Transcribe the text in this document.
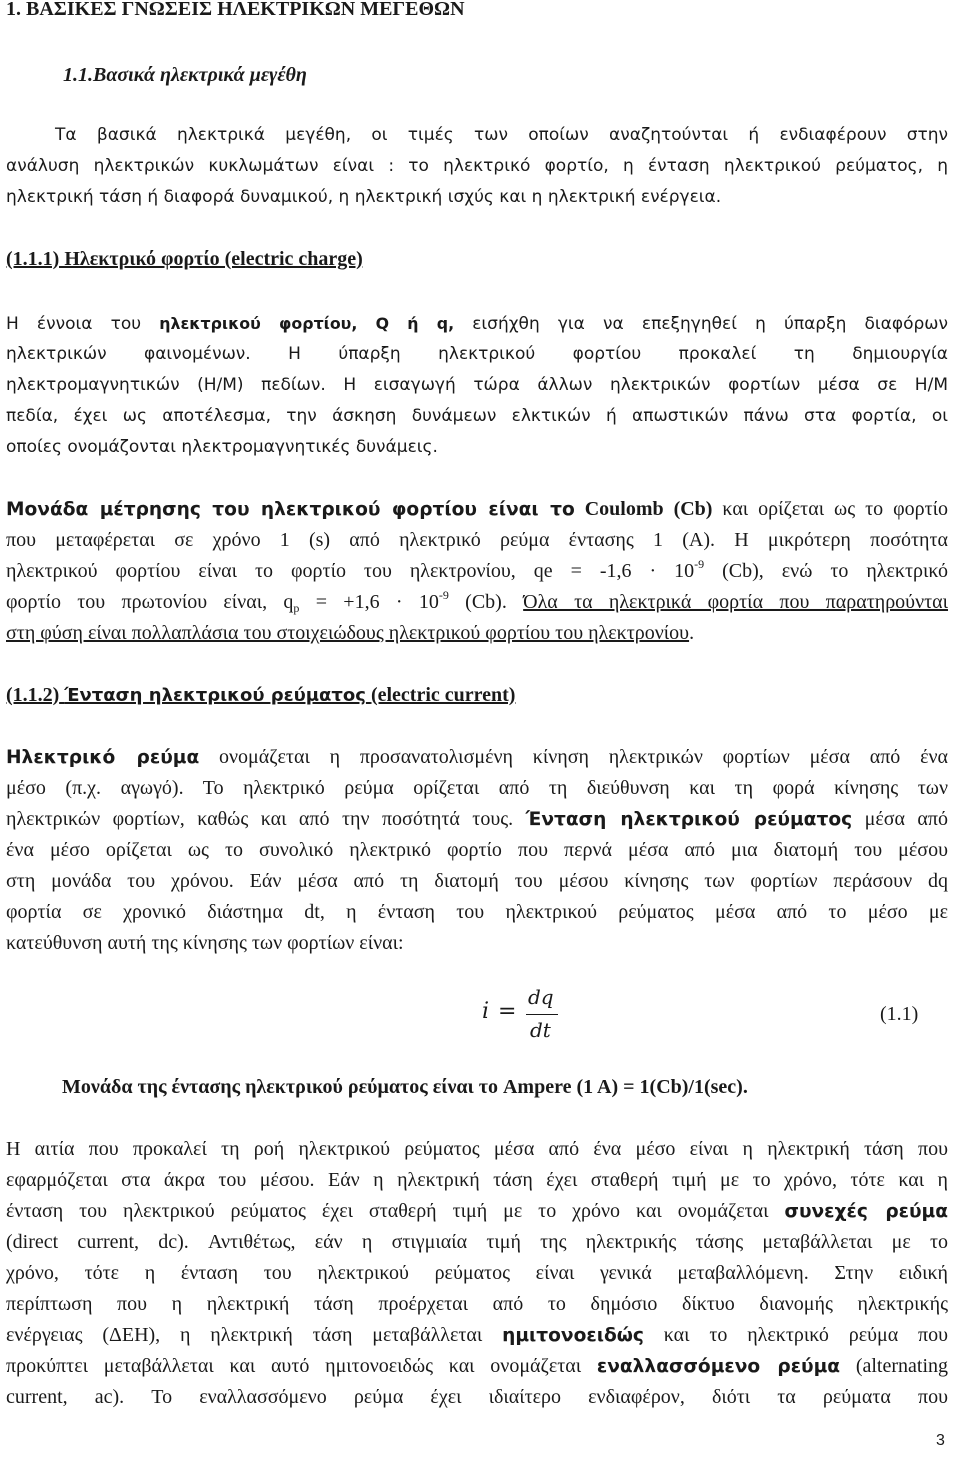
1. ΒΑΣΙΚΕΣ ΓΝΩΣΕΙΣ ΗΛΕΚΤΡΙΚΩΝ ΜΕΓΕΘΩΝ
1.1.Βασικά ηλεκτρικά μεγέθη
Τα βασικά ηλεκτρικά μεγέθη, οι τιμές των οποίων αναζητούνται ή ενδιαφέρουν στην
ανάλυση ηλεκτρικών κυκλωμάτων είναι : το ηλεκτρικό φορτίο, η ένταση ηλεκτρικού ρεύματος, η
ηλεκτρική τάση ή διαφορά δυναμικού, η ηλεκτρική ισχύς και η ηλεκτρική ενέργεια.
(1.1.1) Ηλεκτρικό φορτίο (electric charge)
Η έννοια του ηλεκτρικού φορτίου, Q ή q, εισήχθη για να επεξηγηθεί η ύπαρξη διαφόρων
ηλεκτρικών φαινομένων. Η ύπαρξη ηλεκτρικού φορτίου προκαλεί τη δημιουργία
ηλεκτρομαγνητικών (Η/Μ) πεδίων. Η εισαγωγή τώρα άλλων ηλεκτρικών φορτίων μέσα σε Η/Μ
πεδία, έχει ως αποτέλεσμα, την άσκηση δυνάμεων ελκτικών ή απωστικών πάνω στα φορτία, οι
οποίες ονομάζονται ηλεκτρομαγνητικές δυνάμεις.
Μονάδα μέτρησης του ηλεκτρικού φορτίου είναι το Coulomb (Cb) και ορίζεται ως το φορτίο
που μεταφέρεται σε χρόνο 1 (s) από ηλεκτρικό ρεύμα έντασης 1 (Α). Η μικρότερη ποσότητα
ηλεκτρικού φορτίου είναι το φορτίο του ηλεκτρονίου, qe = $-1,6 \cdot 10^{-9}$ (Cb), ενώ το ηλεκτρικό
φορτίο του πρωτονίου είναι, $q_p = +1,6 \cdot 10^{-9}$ (Cb). Όλα τα ηλεκτρικά φορτία που παρατηρούνται
στη φύση είναι πολλαπλάσια του στοιχειώδους ηλεκτρικού φορτίου του ηλεκτρονίου.
(1.1.2) Ένταση ηλεκτρικού ρεύματος (electric current)
Ηλεκτρικό ρεύμα ονομάζεται η προσανατολισμένη κίνηση ηλεκτρικών φορτίων μέσα από ένα
μέσο (π.χ. αγωγό). Το ηλεκτρικό ρεύμα ορίζεται από τη διεύθυνση και τη φορά κίνησης των
ηλεκτρικών φορτίων, καθώς και από την ποσότητά τους. Ένταση ηλεκτρικού ρεύματος μέσα από
ένα μέσο ορίζεται ως το συνολικό ηλεκτρικό φορτίο που περνά μέσα από μια διατομή του μέσου
στη μονάδα του χρόνου. Εάν μέσα από τη διατομή του μέσου κίνησης των φορτίων περάσουν dq
φορτία σε χρονικό διάστημα dt, η ένταση του ηλεκτρικού ρεύματος μέσα από το μέσο με
κατεύθυνση αυτή της κίνησης των φορτίων είναι:
i =
dq
dt
(1.1)
Μονάδα της έντασης ηλεκτρικού ρεύματος είναι το Ampere (1 A) = 1(Cb)/1(sec).
Η αιτία που προκαλεί τη ροή ηλεκτρικού ρεύματος μέσα από ένα μέσο είναι η ηλεκτρική τάση που
εφαρμόζεται στα άκρα του μέσου. Εάν η ηλεκτρική τάση έχει σταθερή τιμή με το χρόνο, τότε και η
ένταση του ηλεκτρικού ρεύματος έχει σταθερή τιμή με το χρόνο και ονομάζεται συνεχές ρεύμα
(direct current, dc). Αντιθέτως, εάν η στιγμιαία τιμή της ηλεκτρικής τάσης μεταβάλλεται με το
χρόνο, τότε η ένταση του ηλεκτρικού ρεύματος είναι γενικά μεταβαλλόμενη. Στην ειδική
περίπτωση που η ηλεκτρική τάση προέρχεται από το δημόσιο δίκτυο διανομής ηλεκτρικής
ενέργειας (ΔΕΗ), η ηλεκτρική τάση μεταβάλλεται ημιτονοειδώς και το ηλεκτρικό ρεύμα που
προκύπτει μεταβάλλεται και αυτό ημιτονοειδώς και ονομάζεται εναλλασσόμενο ρεύμα (alternating
current, ac). Το εναλλασσόμενο ρεύμα έχει ιδιαίτερο ενδιαφέρον, διότι τα ρεύματα που
3
